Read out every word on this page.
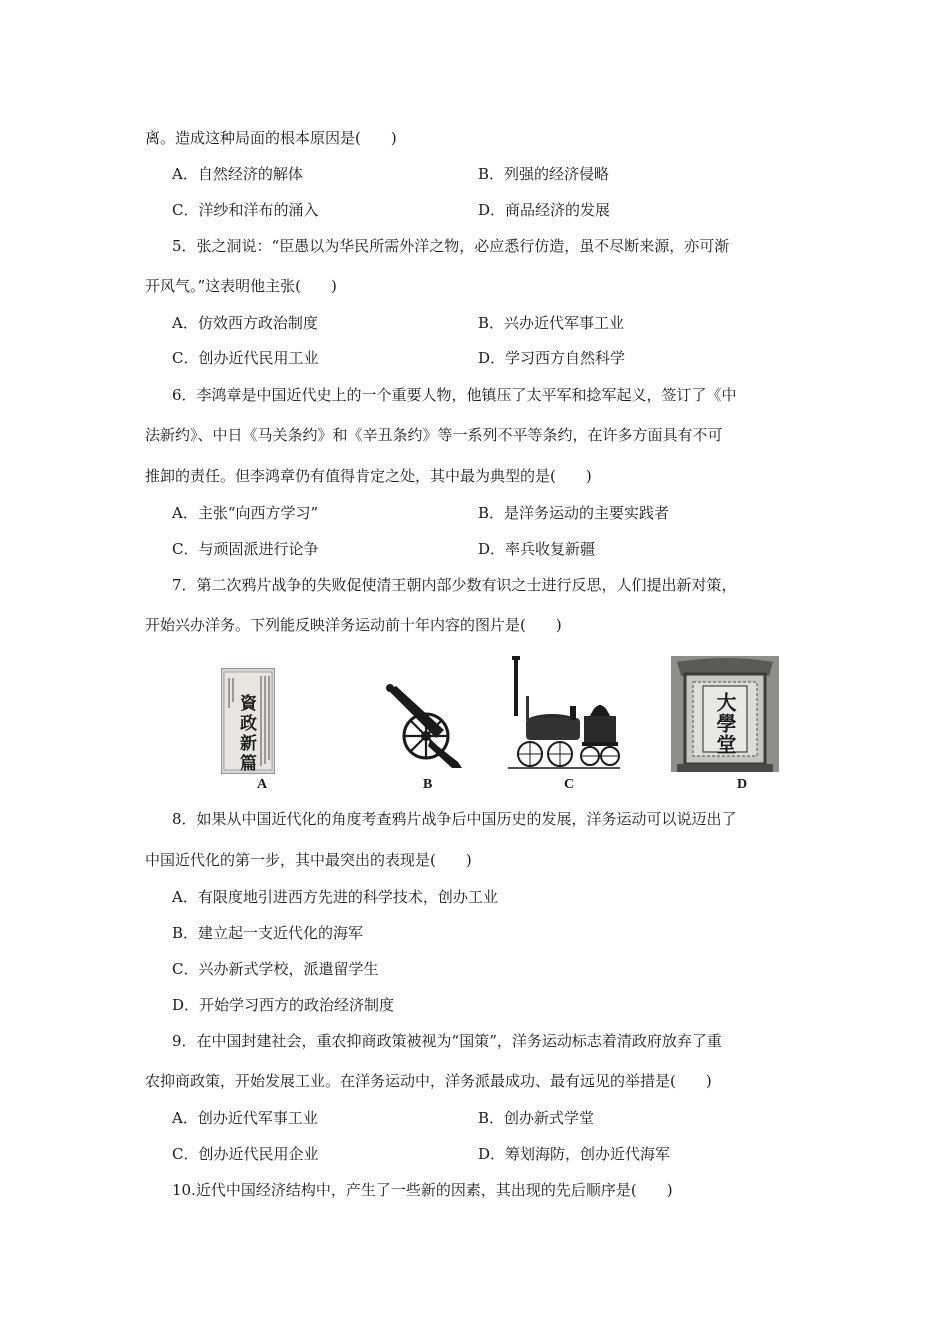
离。造成这种局面的根本原因是(　　)
A．自然经济的解体	B．列强的经济侵略
C．洋纱和洋布的涌入	D．商品经济的发展
5．张之洞说：“臣愚以为华民所需外洋之物，必应悉行仿造，虽不尽断来源，亦可渐
开风气。”这表明他主张(　　)
A．仿效西方政治制度	B．兴办近代军事工业
C．创办近代民用工业	D．学习西方自然科学
6．李鸿章是中国近代史上的一个重要人物，他镇压了太平军和捻军起义，签订了《中
法新约》、中日《马关条约》和《辛丑条约》等一系列不平等条约，在许多方面具有不可
推卸的责任。但李鸿章仍有值得肯定之处，其中最为典型的是(　　)
A．主张“向西方学习”	B．是洋务运动的主要实践者
C．与顽固派进行论争	D．率兵收复新疆
7．第二次鸦片战争的失败促使清王朝内部少数有识之士进行反思，人们提出新对策，
开始兴办洋务。下列能反映洋务运动前十年内容的图片是(　　)
資政新篇
A	B	C
大學堂
D
8．如果从中国近代化的角度考查鸦片战争后中国历史的发展，洋务运动可以说迈出了
中国近代化的第一步，其中最突出的表现是(　　)
A．有限度地引进西方先进的科学技术，创办工业
B．建立起一支近代化的海军
C．兴办新式学校，派遣留学生
D．开始学习西方的政治经济制度
9．在中国封建社会，重农抑商政策被视为“国策”，洋务运动标志着清政府放弃了重
农抑商政策，开始发展工业。在洋务运动中，洋务派最成功、最有远见的举措是(　　)
A．创办近代军事工业	B．创办新式学堂
C．创办近代民用企业	D．筹划海防，创办近代海军
10.近代中国经济结构中，产生了一些新的因素，其出现的先后顺序是(　　)
